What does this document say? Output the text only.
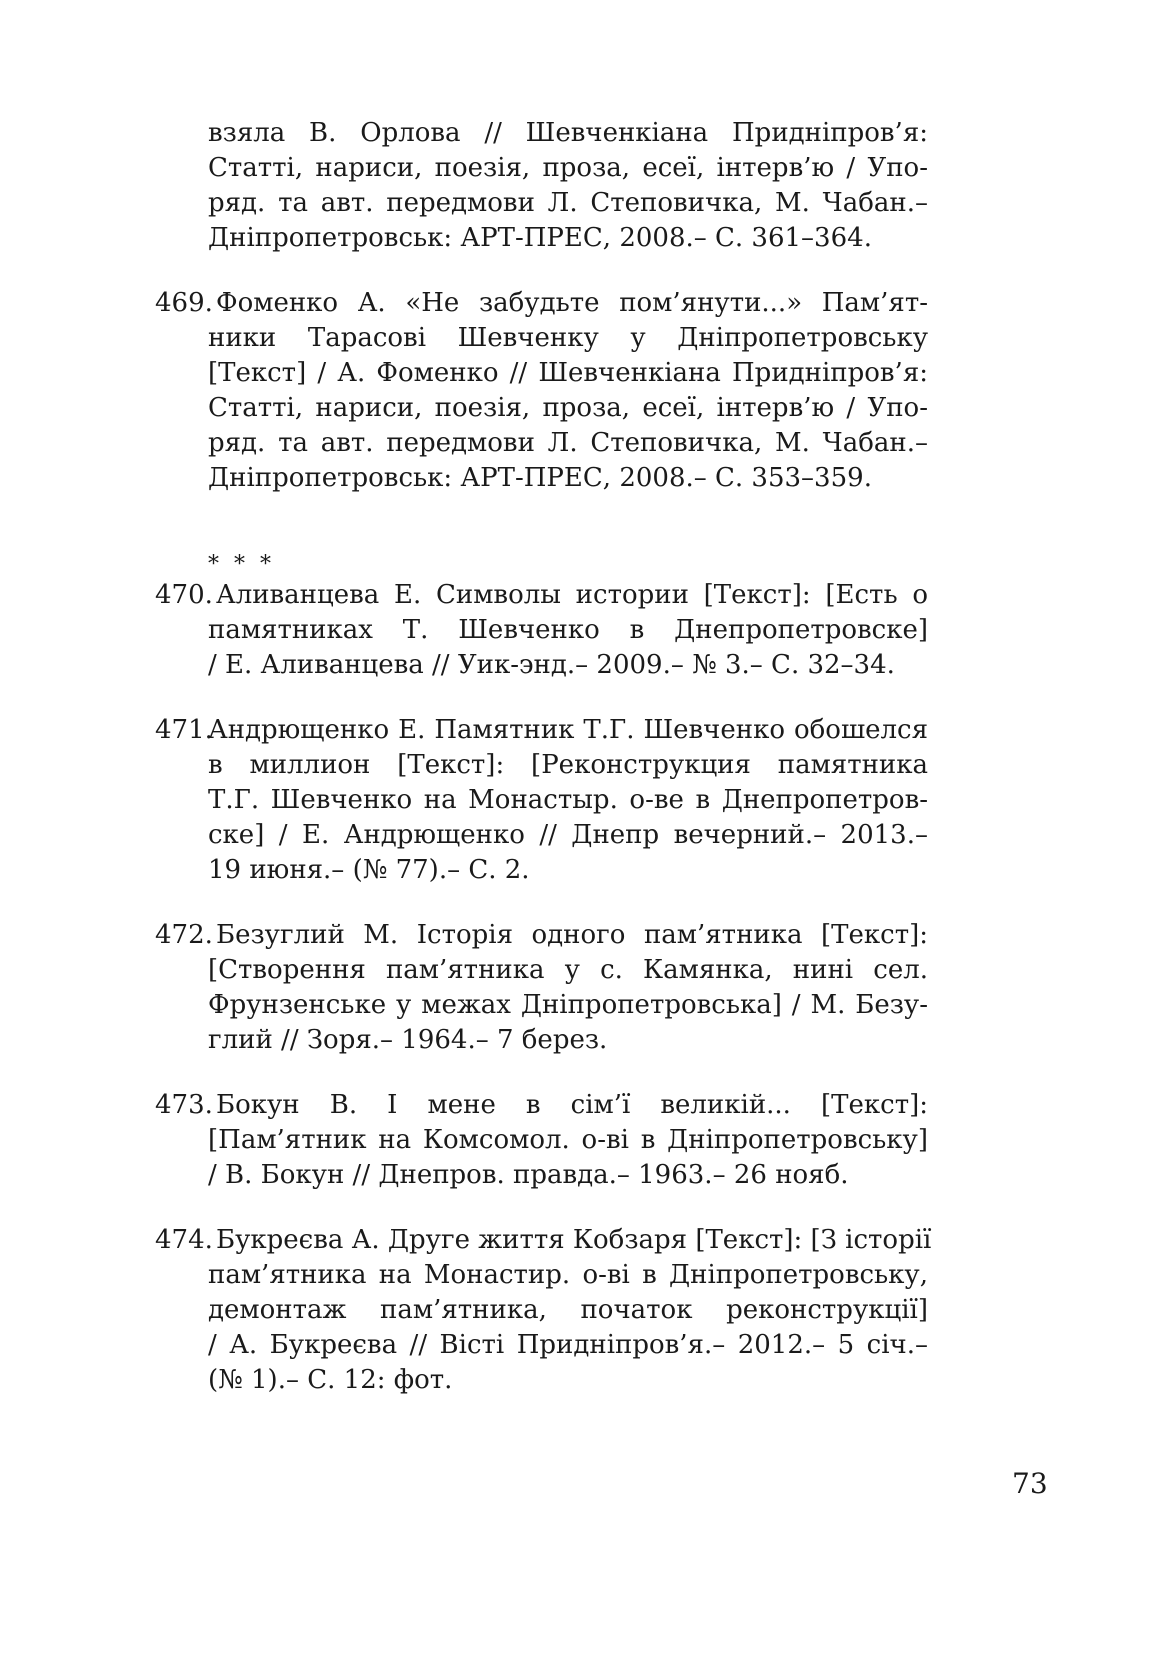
взяла В. Орлова // Шевченкіана Придніпров’я:
Статті, нариси, поезія, проза, есеї, інтерв’ю / Упо-
ряд. та авт. передмови Л. Степовичка, М. Чабан.–
Дніпропетровськ: АРТ-ПРЕС, 2008.– С. 361–364.
469. Фоменко А. «Не забудьте пом’янути...» Пам’ят-
ники Тарасові Шевченку у Дніпропетровську
[Текст] / А. Фоменко // Шевченкіана Придніпров’я:
Статті, нариси, поезія, проза, есеї, інтерв’ю / Упо-
ряд. та авт. передмови Л. Степовичка, М. Чабан.–
Дніпропетровськ: АРТ-ПРЕС, 2008.– С. 353–359.
* * *
470. Аливанцева Е. Символы истории [Текст]: [Есть о
памятниках Т. Шевченко в Днепропетровске]
/ Е. Аливанцева // Уик-энд.– 2009.– № 3.– С. 32–34.
471.
Андрющенко Е. Памятник Т.Г. Шевченко обошелся
в миллион [Текст]: [Реконструкция памятника
Т.Г. Шевченко на Монастыр. о-ве в Днепропетров-
ске] / Е. Андрющенко // Днепр вечерний.– 2013.–
19 июня.– (№ 77).– С. 2.
472. Безуглий М. Історія одного пам’ятника [Текст]:
[Створення пам’ятника у с. Камянка, нині сел.
Фрунзенське у межах Дніпропетровська] / М. Безу-
глий // Зоря.– 1964.– 7 берез.
473. Бокун В. І мене в сім’ї великій... [Текст]:
[Пам’ятник на Комсомол. о-ві в Дніпропетровську]
/ В. Бокун // Днепров. правда.– 1963.– 26 нояб.
474. Букреєва А. Друге життя Кобзаря [Текст]: [З історії
пам’ятника на Монастир. о-ві в Дніпропетровську,
демонтаж пам’ятника, початок реконструкції]
/ А. Букреєва // Вісті Придніпров’я.– 2012.– 5 січ.–
(№ 1).– С. 12: фот.
73
